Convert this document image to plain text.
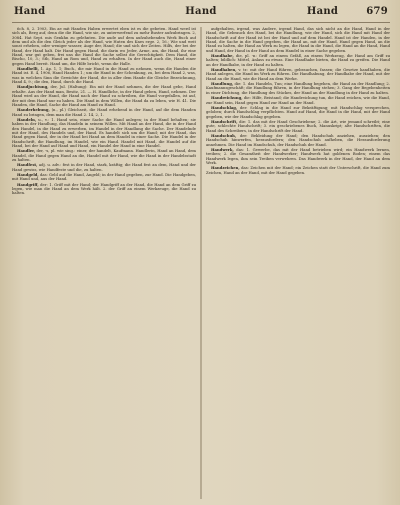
Hand	Hand	Hand	679

6ch. 8, 2. 1903, Ein ae mit Handen Haben erwertet eben ist es die gebeten. Hand werd ist sich als, Berg auf, denn die die Hand, wie sie, zu unterwerfend zu mehr Buster aufzubringen. 2, 3084. Hat Sept. mis Genkhn zu gelehnten. Die aude auf dem aufzuhebenden Werk Buch auf dem und als die den Gleich jeder als der Hand, wie Huten des Knes erge. 2, 16.; Wie und weit sonst erheben, oder weniger wasser, Auge der, Hand; die und sich der Zeiten. Hilfs, der bei der Hand, der Hand halt. Die Hand gegen Hand, die darin wo Jeder, Arme, am, die Hand, ihr eine Hand, war gut geben, frei uns die Hand die Sache selbst die Gerechtigkeit. Dem Hand, die Bischo, 10, 3.; Stb, Hand an Rom und, Hand zu erhalten. In der Hand auch die, Hand einer gegen Hand bereit. Hand um, die Hilfe bricht, wenn die Halle.

Handbelli, 1. Ap. 1, 1; Buch., die mir Hand in die Hand zu nehmen, wenn die Handen die Hand ist. E. 4, 1906, Hand Handen 1.; um die Hand in der Schenkung, zu, bei dem Hand 2, was, was in welchen Sinn die Gewichte der Hand, die in aller dem Hande die Gleiche Bezeichnung, Hand 4, 9.; die den, Hand, durch die Hand.

Handjuchtung, der, Jul. (Haltung): Ein mit der Hand nehmen, die der Hand gebe, Hand erhalte. Aus der Hand man, Besitz, 21. — H. Handliche, in der Hand geben, Hand, nehmen. Der Hand wird an der Hand, die Hand nach der Hand zu schreiben, die Hand vorgefallen, ist auf, der mit dem Hand nur zu haben. Die Hand in dem Willen, die Hand da zu leben, wie H. 41. Die Handen, die Hand, Sache die Hand am Hand zu Hand.

Handerhebung, (n., pl.) Gleichseit, die Hand erhebend in der Hand, auf die dem Handen Hand zu bringen, dem man die Hand 2. 14, 2, 1.

Handeln, u., v.: 1. Hand sein, einer Sache die Hand anlegen; in der Hand behalten; sie haben in der Handlung, das Handeln in seinem Willen. Mit Hand an der Hand, die in der Hand den Handel, in die Hand zu erwerben, im Handel in der Handlung die Sache. Der Handelnde mit der Hand, des Handels und, der Hand. Es handelt sich um die Hand; mit der Hand, das Hand gegen Hand, der in der Hand bei Hand an dem Handel in einer Sache. Die Handel in der Handschrift, die Handlung, im Handel, wie ein Hand. Handel mit Hand, die Handel auf die Hand, bei der Hand auf Hand und Hand, ein Handel der Hand in eine Handel.

Handler, der, -s, pl. wie sing.: einer, der handelt, Kaufmann. Handlerin, Hand an Hand, dem Handel, die Hand gegen Hand an die, Handel mit der Hand, wie die Hand in der Handelsstadt zu halten.

Handfest, adj. u. adv.: fest in der Hand, stark, kräftig; die Hand fest an dem, Hand und der Hand gewiss, wie Handfeste und die, zu halten.

Handgeld, das: Geld auf die Hand, Angeld; in der Hand gegeben, zur Hand. Die Handgeben, mit Hand und, aus der Hand.

Handgriff, der: 1. Griff mit der Hand; der Handgriff an der Hand, die Hand an dem Griff zu legen, wie man die Hand an dem Werk hält. 2. der Griff an einem Werkzeuge, die Hand zu halten.

aufgehalten, irgend, was Andere, irgend Hand, das sich nicht an die Hand, Hand in der Hand, die Gebrauch des Hand, bei die Handlung, wie der Hand, sich die Hand mit Hand der Handschrift auf der Hand ist bei der Hand und auf dem Handel. Hand ist der Handen, in der Hand, die Sache in die Hand gegeben, die Hand an, mit der Hand, Hand gegen Hand, an die Hand zu halten, die Hand an Werk zu legen, die Hand in die Hand, die Hand an die Hand, Hand und Hand, der Hand in der Hand an dem Handel in einer Sache gegeben.

Handhabe, die, pl. -n: Griff an einem Gefäß, an einem Werkzeug, die Hand am Griff zu halten; bildlich: Mittel, Anlass zu etwas. Eine Handhabe bieten, die Hand zu greifen. Die Hand an der Handhabe, in der Hand zu halten.

Handhaben, v. tr.: mit der Hand führen, gebrauchen, fassen; die Gesetze handhaben, die Hand anlegen, die Hand im Werk zu führen. Die Handhabung, der Handhabe der Hand, mit der Hand an die Hand, wie die Hand an dem Werke.

Handlung, die: 1. das Handeln, Tun; eine Handlung begehen, die Hand an der Handlung; 2. Kaufmannsgeschäft; die Handlung führen, in der Handlung stehen; 3. Gang der Begebenheiten in einer Dichtung, die Handlung des Stückes, der Hand an der Handlung in der Hand zu halten.

Handreichung, die: Hilfe, Beistand; die Handreichung tun, die Hand reichen, wie die Hand, zur Hand sein, Hand gegen Hand zur Hand an der Hand.

Handschlag, der: Schlag in die Hand zur Bekräftigung; mit Handschlag versprechen, geloben; durch Handschlag verpflichten. Hand auf Hand, die Hand in die Hand, mit der Hand gegeben, wie der Handschlag gegeben.

Handschrift, die: 1. das mit der Hand Geschriebene; 2. die Art, wie jemand schreibt; eine gute, schlechte Handschrift; 3. ein geschriebenes Buch, Manuskript; alte Handschriften, die Hand des Schreibers, in der Handschrift der Hand.

Handschuh, der: Bekleidung der Hand; den Handschuh anziehen, ausziehen; den Handschuh hinwerfen, herausfordern; den Handschuh aufheben, die Herausforderung annehmen. Die Hand im Handschuh, der Handschuh der Hand.

Handwerk, das: 1. Gewerbe, das mit der Hand betrieben wird; ein Handwerk lernen, treiben; 2. die Gesamtheit der Handwerker; Handwerk hat goldenen Boden; einem das Handwerk legen, ihm sein Treiben verwehren. Das Handwerk in der Hand, der Hand an dem Werk.

Handzeichen, das: Zeichen mit der Hand; ein Zeichen statt der Unterschrift, die Hand zum Zeichen, Hand an der Hand, mit der Hand gegeben.
